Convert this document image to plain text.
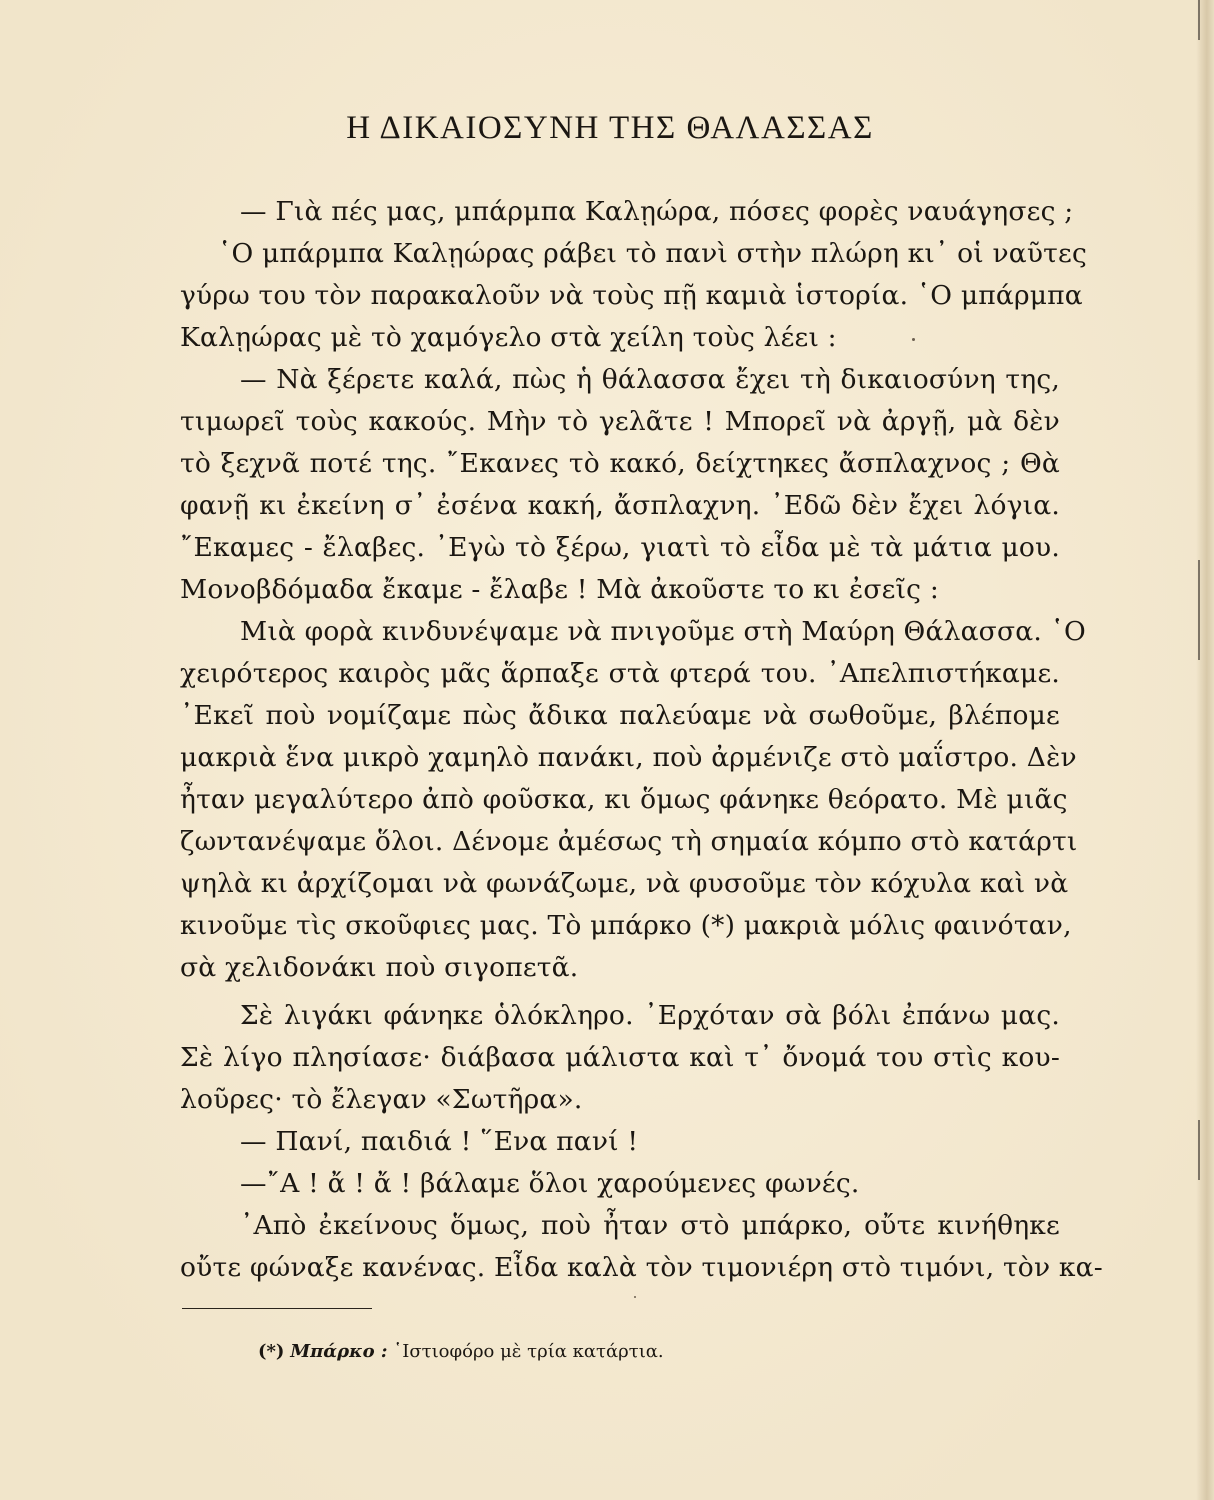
Η ΔΙΚΑΙΟΣΥΝΗ ΤΗΣ ΘΑΛΑΣΣΑΣ
— Γιὰ πές μας, μπάρμπα Καλῃώρα, πόσες φορὲς ναυάγησες ;
῾Ο μπάρμπα Καλῃώρας ράβει τὸ πανὶ στὴν πλώρη κι᾿ οἱ ναῦτες
γύρω του τὸν παρακαλοῦν νὰ τοὺς πῇ καμιὰ ἱστορία. ῾Ο μπάρμπα
Καλῃώρας μὲ τὸ χαμόγελο στὰ χείλη τοὺς λέει :
— Νὰ ξέρετε καλά, πὼς ἡ θάλασσα ἔχει τὴ δικαιοσύνη της,
τιμωρεῖ τοὺς κακούς. Μὴν τὸ γελᾶτε ! Μπορεῖ νὰ ἀργῇ, μὰ δὲν
τὸ ξεχνᾶ ποτέ της. ῎Εκανες τὸ κακό, δείχτηκες ἄσπλαχνος ; Θὰ
φανῇ κι ἐκείνη σ᾿ ἐσένα κακή, ἄσπλαχνη. ᾿Εδῶ δὲν ἔχει λόγια.
῎Εκαμες - ἔλαβες. ᾿Εγὼ τὸ ξέρω, γιατὶ τὸ εἶδα μὲ τὰ μάτια μου.
Μονοβδόμαδα ἔκαμε - ἔλαβε ! Μὰ ἀκοῦστε το κι ἐσεῖς :
Μιὰ φορὰ κινδυνέψαμε νὰ πνιγοῦμε στὴ Μαύρη Θάλασσα. ῾Ο
χειρότερος καιρὸς μᾶς ἅρπαξε στὰ φτερά του. ᾿Απελπιστήκαμε.
᾿Εκεῖ ποὺ νομίζαμε πὼς ἄδικα παλεύαμε νὰ σωθοῦμε, βλέπομε
μακριὰ ἕνα μικρὸ χαμηλὸ πανάκι, ποὺ ἀρμένιζε στὸ μαΐστρο. Δὲν
ἦταν μεγαλύτερο ἀπὸ φοῦσκα, κι ὅμως φάνηκε θεόρατο. Μὲ μιᾶς
ζωντανέψαμε ὅλοι. Δένομε ἀμέσως τὴ σημαία κόμπο στὸ κατάρτι
ψηλὰ κι ἀρχίζομαι νὰ φωνάζωμε, νὰ φυσοῦμε τὸν κόχυλα καὶ νὰ
κινοῦμε τὶς σκοῦφιες μας. Τὸ μπάρκο (*) μακριὰ μόλις φαινόταν,
σὰ χελιδονάκι ποὺ σιγοπετᾶ.
Σὲ λιγάκι φάνηκε ὁλόκληρο. ᾿Ερχόταν σὰ βόλι ἐπάνω μας.
Σὲ λίγο πλησίασε· διάβασα μάλιστα καὶ τ᾿ ὄνομά του στὶς κου-
λοῦρες· τὸ ἔλεγαν «Σωτῆρα».
— Πανί, παιδιά ! ῞Ενα πανί !
—῎Α ! ἄ ! ἄ ! βάλαμε ὅλοι χαρούμενες φωνές.
᾿Απὸ ἐκείνους ὅμως, ποὺ ἦταν στὸ μπάρκο, οὔτε κινήθηκε
οὔτε φώναξε κανένας. Εἶδα καλὰ τὸν τιμονιέρη στὸ τιμόνι, τὸν κα-
(*) Μπάρκο : ῾Ιστιοφόρο μὲ τρία κατάρτια.
